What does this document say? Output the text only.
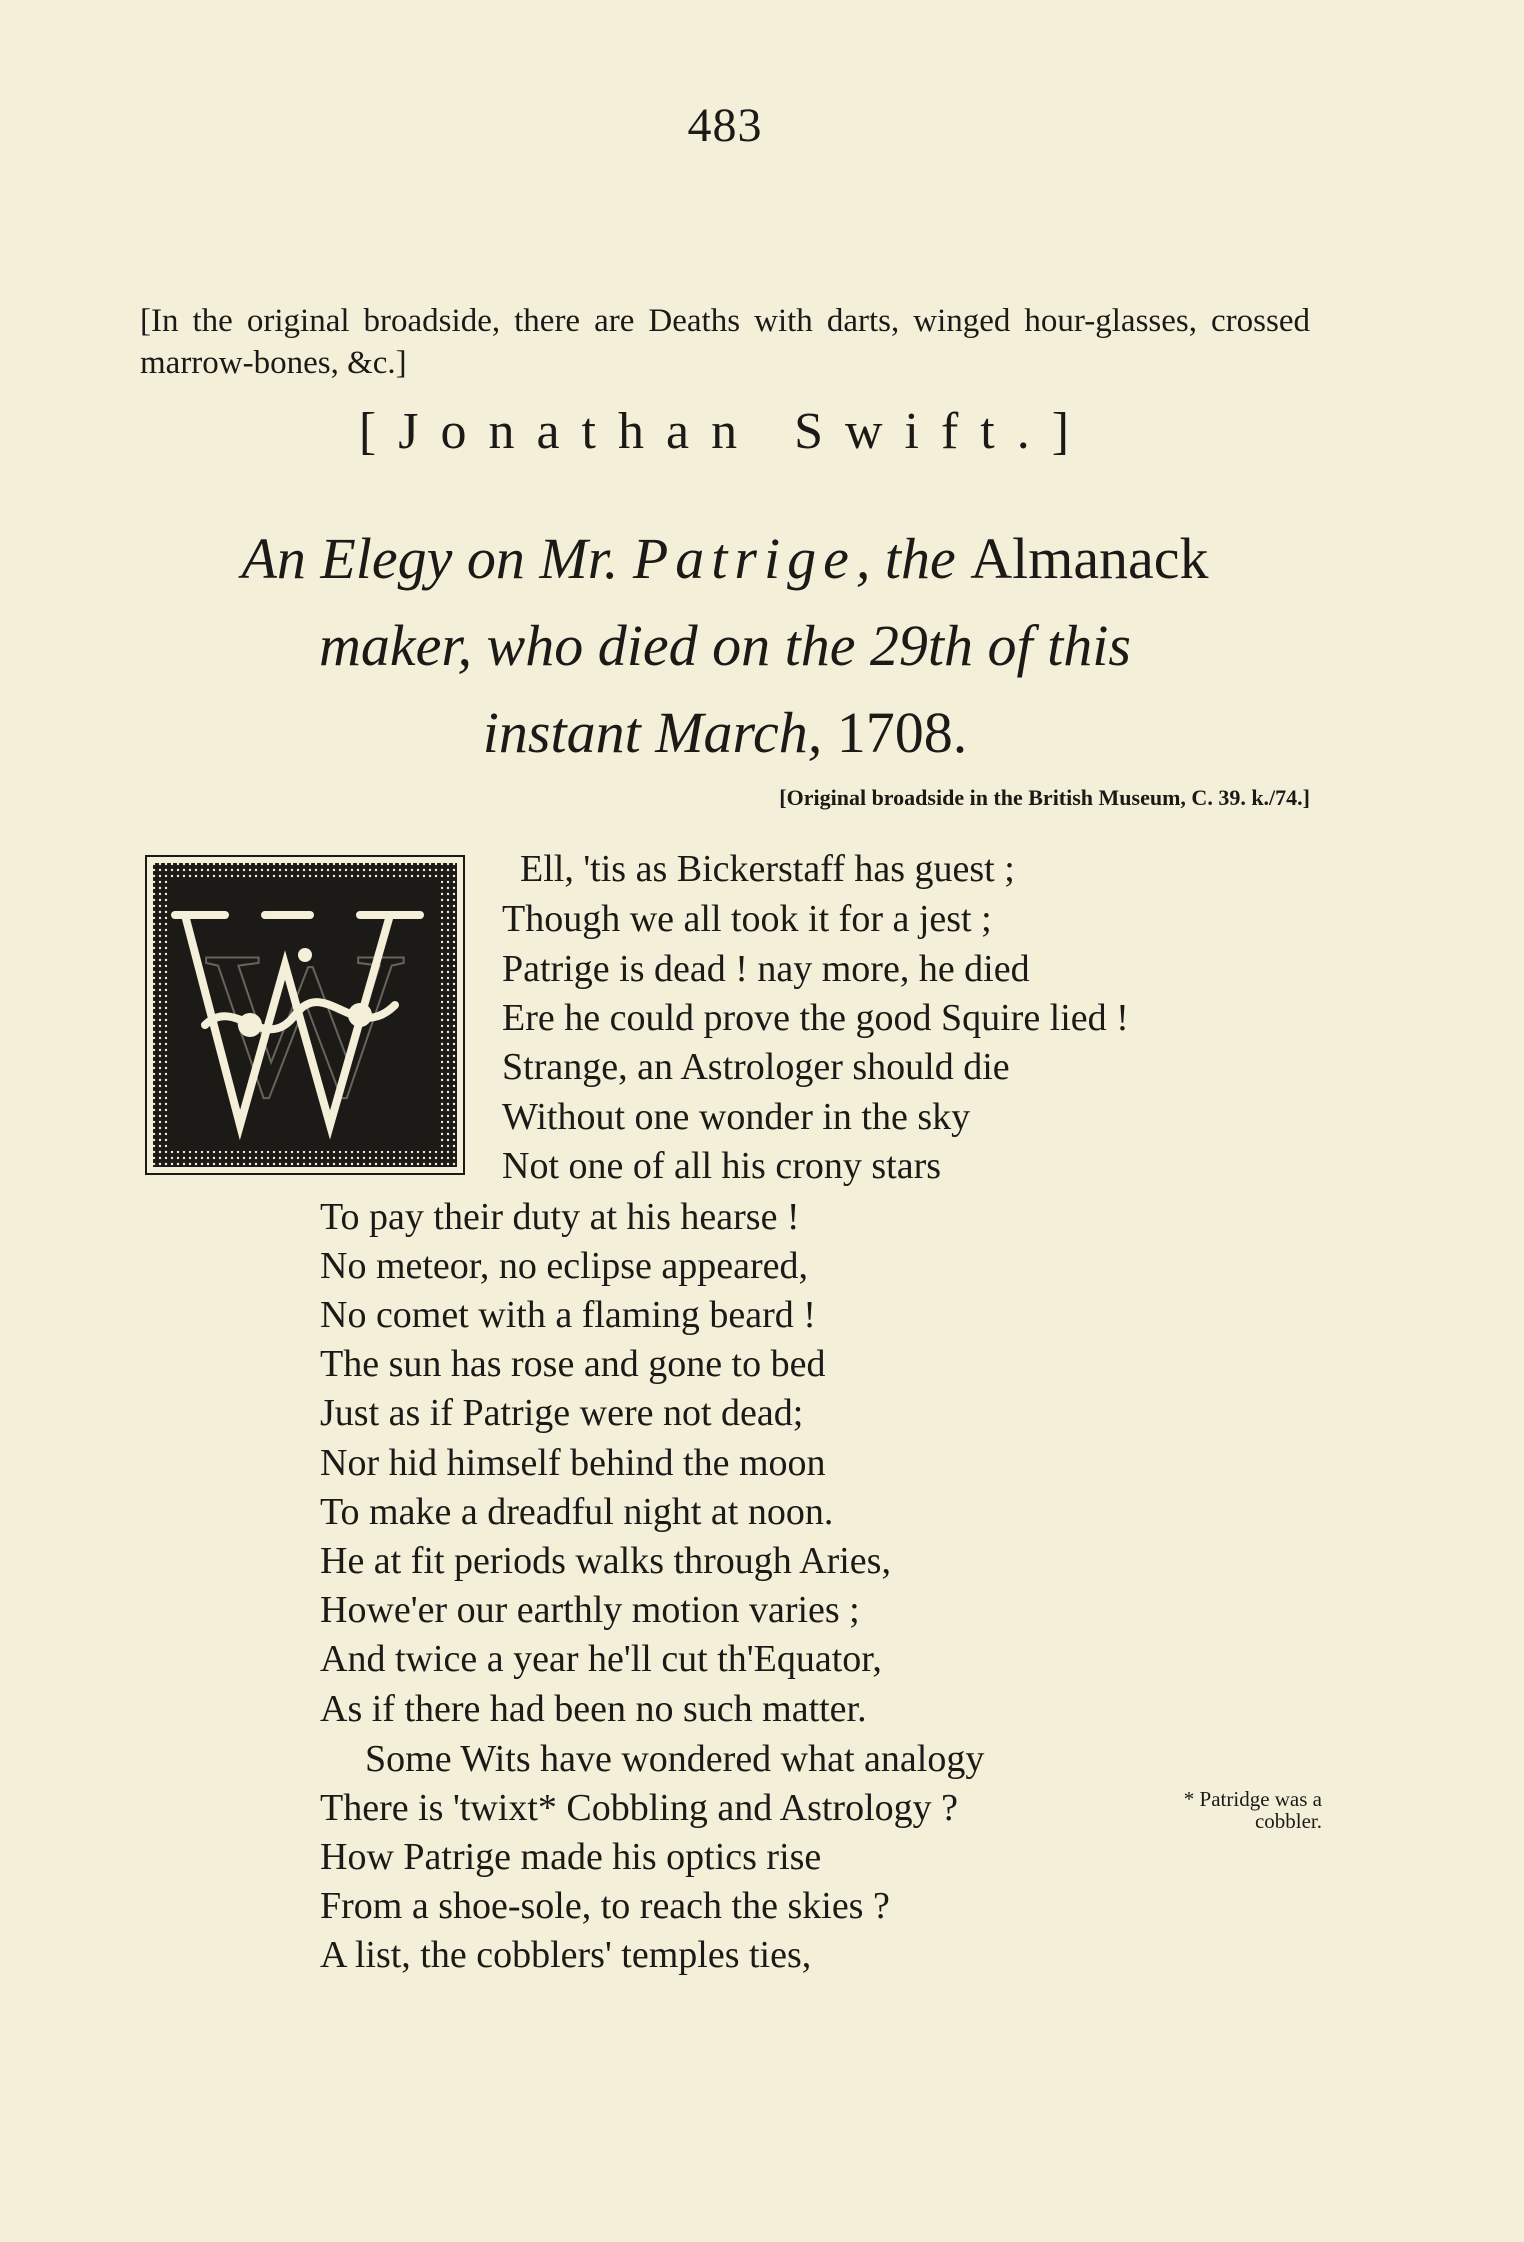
483
[In the original broadside, there are Deaths with darts, winged hour-glasses, crossed marrow-bones, &c.]
[Jonathan Swift.]
An Elegy on Mr. Patrige, the Almanack
maker, who died on the 29th of this
instant March, 1708.
[Original broadside in the British Museum, C. 39. k./74.]
W
Ell, 'tis as Bickerstaff has guest ;
Though we all took it for a jest ;
Patrige is dead ! nay more, he died
Ere he could prove the good Squire lied !
Strange, an Astrologer should die
Without one wonder in the sky
Not one of all his crony stars
To pay their duty at his hearse !
No meteor, no eclipse appeared,
No comet with a flaming beard !
The sun has rose and gone to bed
Just as if Patrige were not dead;
Nor hid himself behind the moon
To make a dreadful night at noon.
He at fit periods walks through Aries,
Howe'er our earthly motion varies ;
And twice a year he'll cut th'Equator,
As if there had been no such matter.
Some Wits have wondered what analogy
There is 'twixt* Cobbling and Astrology ?
How Patrige made his optics rise
From a shoe-sole, to reach the skies ?
A list, the cobblers' temples ties,
* Patridge was a cobbler.
